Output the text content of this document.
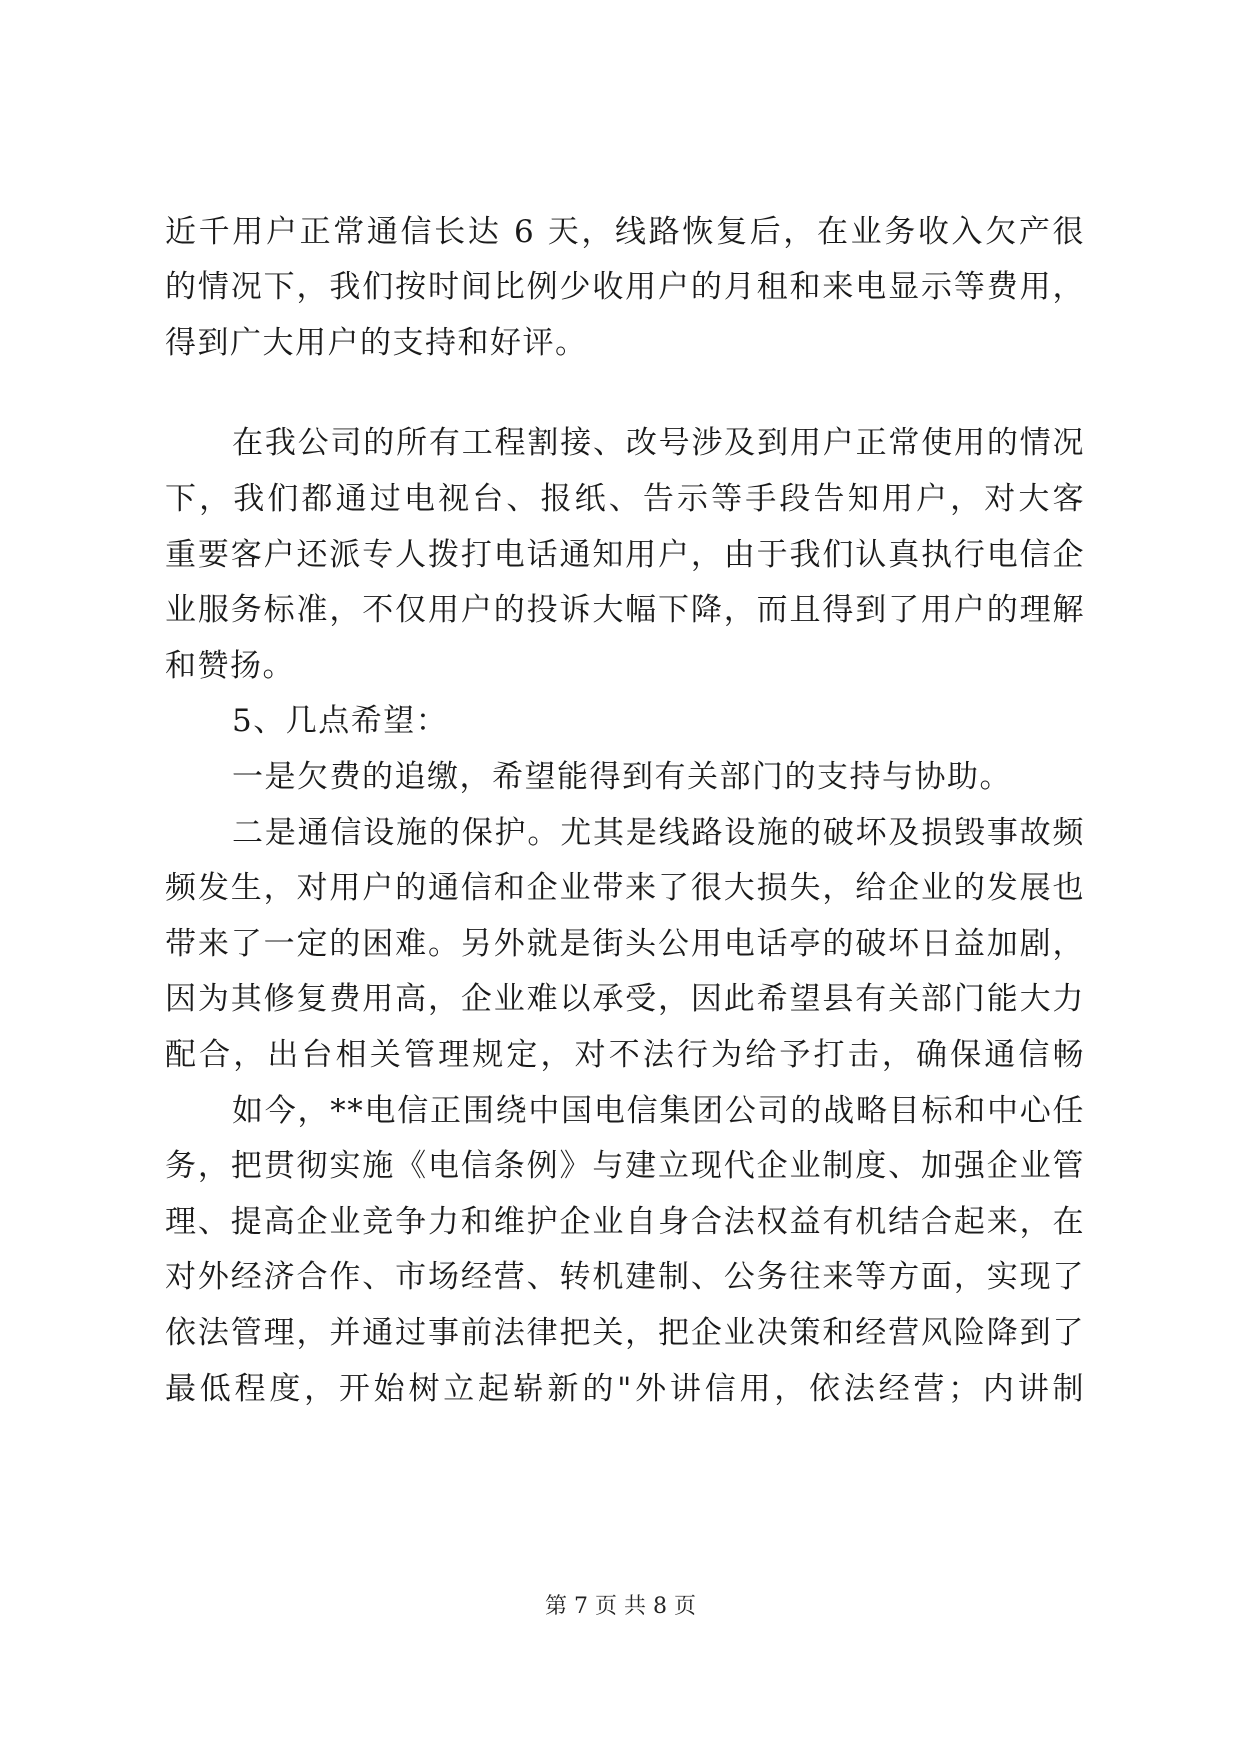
近千用户正常通信长达 6 天，线路恢复后，在业务收入欠产很
的情况下，我们按时间比例少收用户的月租和来电显示等费用，
得到广大用户的支持和好评。
在我公司的所有工程割接、改号涉及到用户正常使用的情况
下，我们都通过电视台、报纸、告示等手段告知用户，对大客
重要客户还派专人拨打电话通知用户，由于我们认真执行电信企
业服务标准，不仅用户的投诉大幅下降，而且得到了用户的理解
和赞扬。
5、几点希望：
一是欠费的追缴，希望能得到有关部门的支持与协助。
二是通信设施的保护。尤其是线路设施的破坏及损毁事故频
频发生，对用户的通信和企业带来了很大损失，给企业的发展也
带来了一定的困难。另外就是街头公用电话亭的破坏日益加剧，
因为其修复费用高，企业难以承受，因此希望县有关部门能大力
配合，出台相关管理规定，对不法行为给予打击，确保通信畅
如今，**电信正围绕中国电信集团公司的战略目标和中心任
务，把贯彻实施《电信条例》与建立现代企业制度、加强企业管
理、提高企业竞争力和维护企业自身合法权益有机结合起来，在
对外经济合作、市场经营、转机建制、公务往来等方面，实现了
依法管理，并通过事前法律把关，把企业决策和经营风险降到了
最低程度，开始树立起崭新的"外讲信用，依法经营；内讲制
第 7 页 共 8 页
